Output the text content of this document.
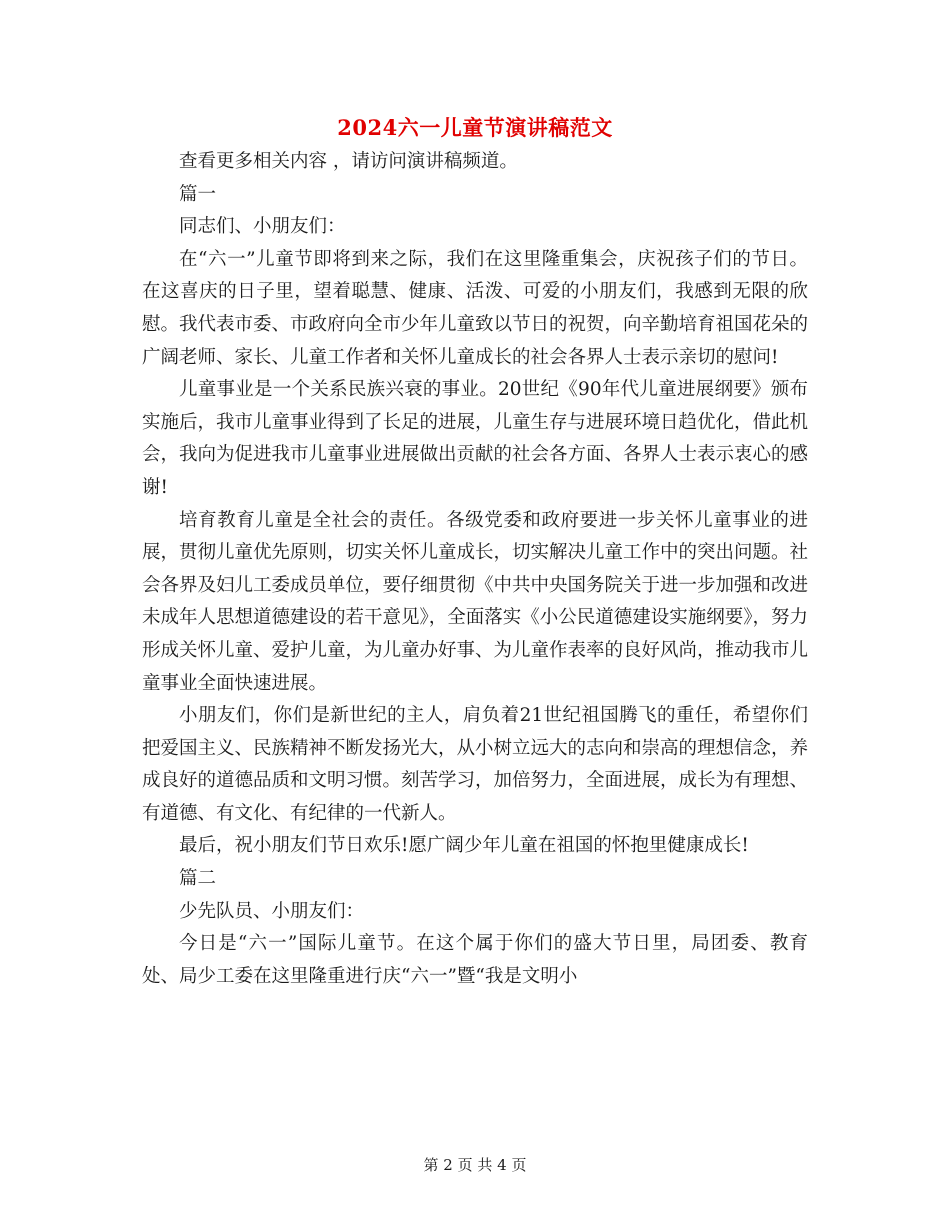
2024六一儿童节演讲稿范文

查看更多相关内容 ，请访问演讲稿频道。

篇一

同志们、小朋友们：

在“六一”儿童节即将到来之际，我们在这里隆重集会，庆祝孩子们的节日。在这喜庆的日子里，望着聪慧、健康、活泼、可爱的小朋友们，我感到无限的欣慰。我代表市委、市政府向全市少年儿童致以节日的祝贺，向辛勤培育祖国花朵的广阔老师、家长、儿童工作者和关怀儿童成长的社会各界人士表示亲切的慰问!

儿童事业是一个关系民族兴衰的事业。20世纪《90年代儿童进展纲要》颁布实施后，我市儿童事业得到了长足的进展，儿童生存与进展环境日趋优化，借此机会，我向为促进我市儿童事业进展做出贡献的社会各方面、各界人士表示衷心的感谢!

培育教育儿童是全社会的责任。各级党委和政府要进一步关怀儿童事业的进展，贯彻儿童优先原则，切实关怀儿童成长，切实解决儿童工作中的突出问题。社会各界及妇儿工委成员单位，要仔细贯彻《中共中央国务院关于进一步加强和改进未成年人思想道德建设的若干意见》，全面落实《小公民道德建设实施纲要》，努力形成关怀儿童、爱护儿童，为儿童办好事、为儿童作表率的良好风尚，推动我市儿童事业全面快速进展。

小朋友们，你们是新世纪的主人，肩负着21世纪祖国腾飞的重任，希望你们把爱国主义、民族精神不断发扬光大，从小树立远大的志向和崇高的理想信念，养成良好的道德品质和文明习惯。刻苦学习，加倍努力，全面进展，成长为有理想、有道德、有文化、有纪律的一代新人。

最后，祝小朋友们节日欢乐!愿广阔少年儿童在祖国的怀抱里健康成长!

篇二

少先队员、小朋友们：

今日是“六一”国际儿童节。在这个属于你们的盛大节日里，局团委、教育处、局少工委在这里隆重进行庆“六一”暨“我是文明小

第 2 页 共 4 页
